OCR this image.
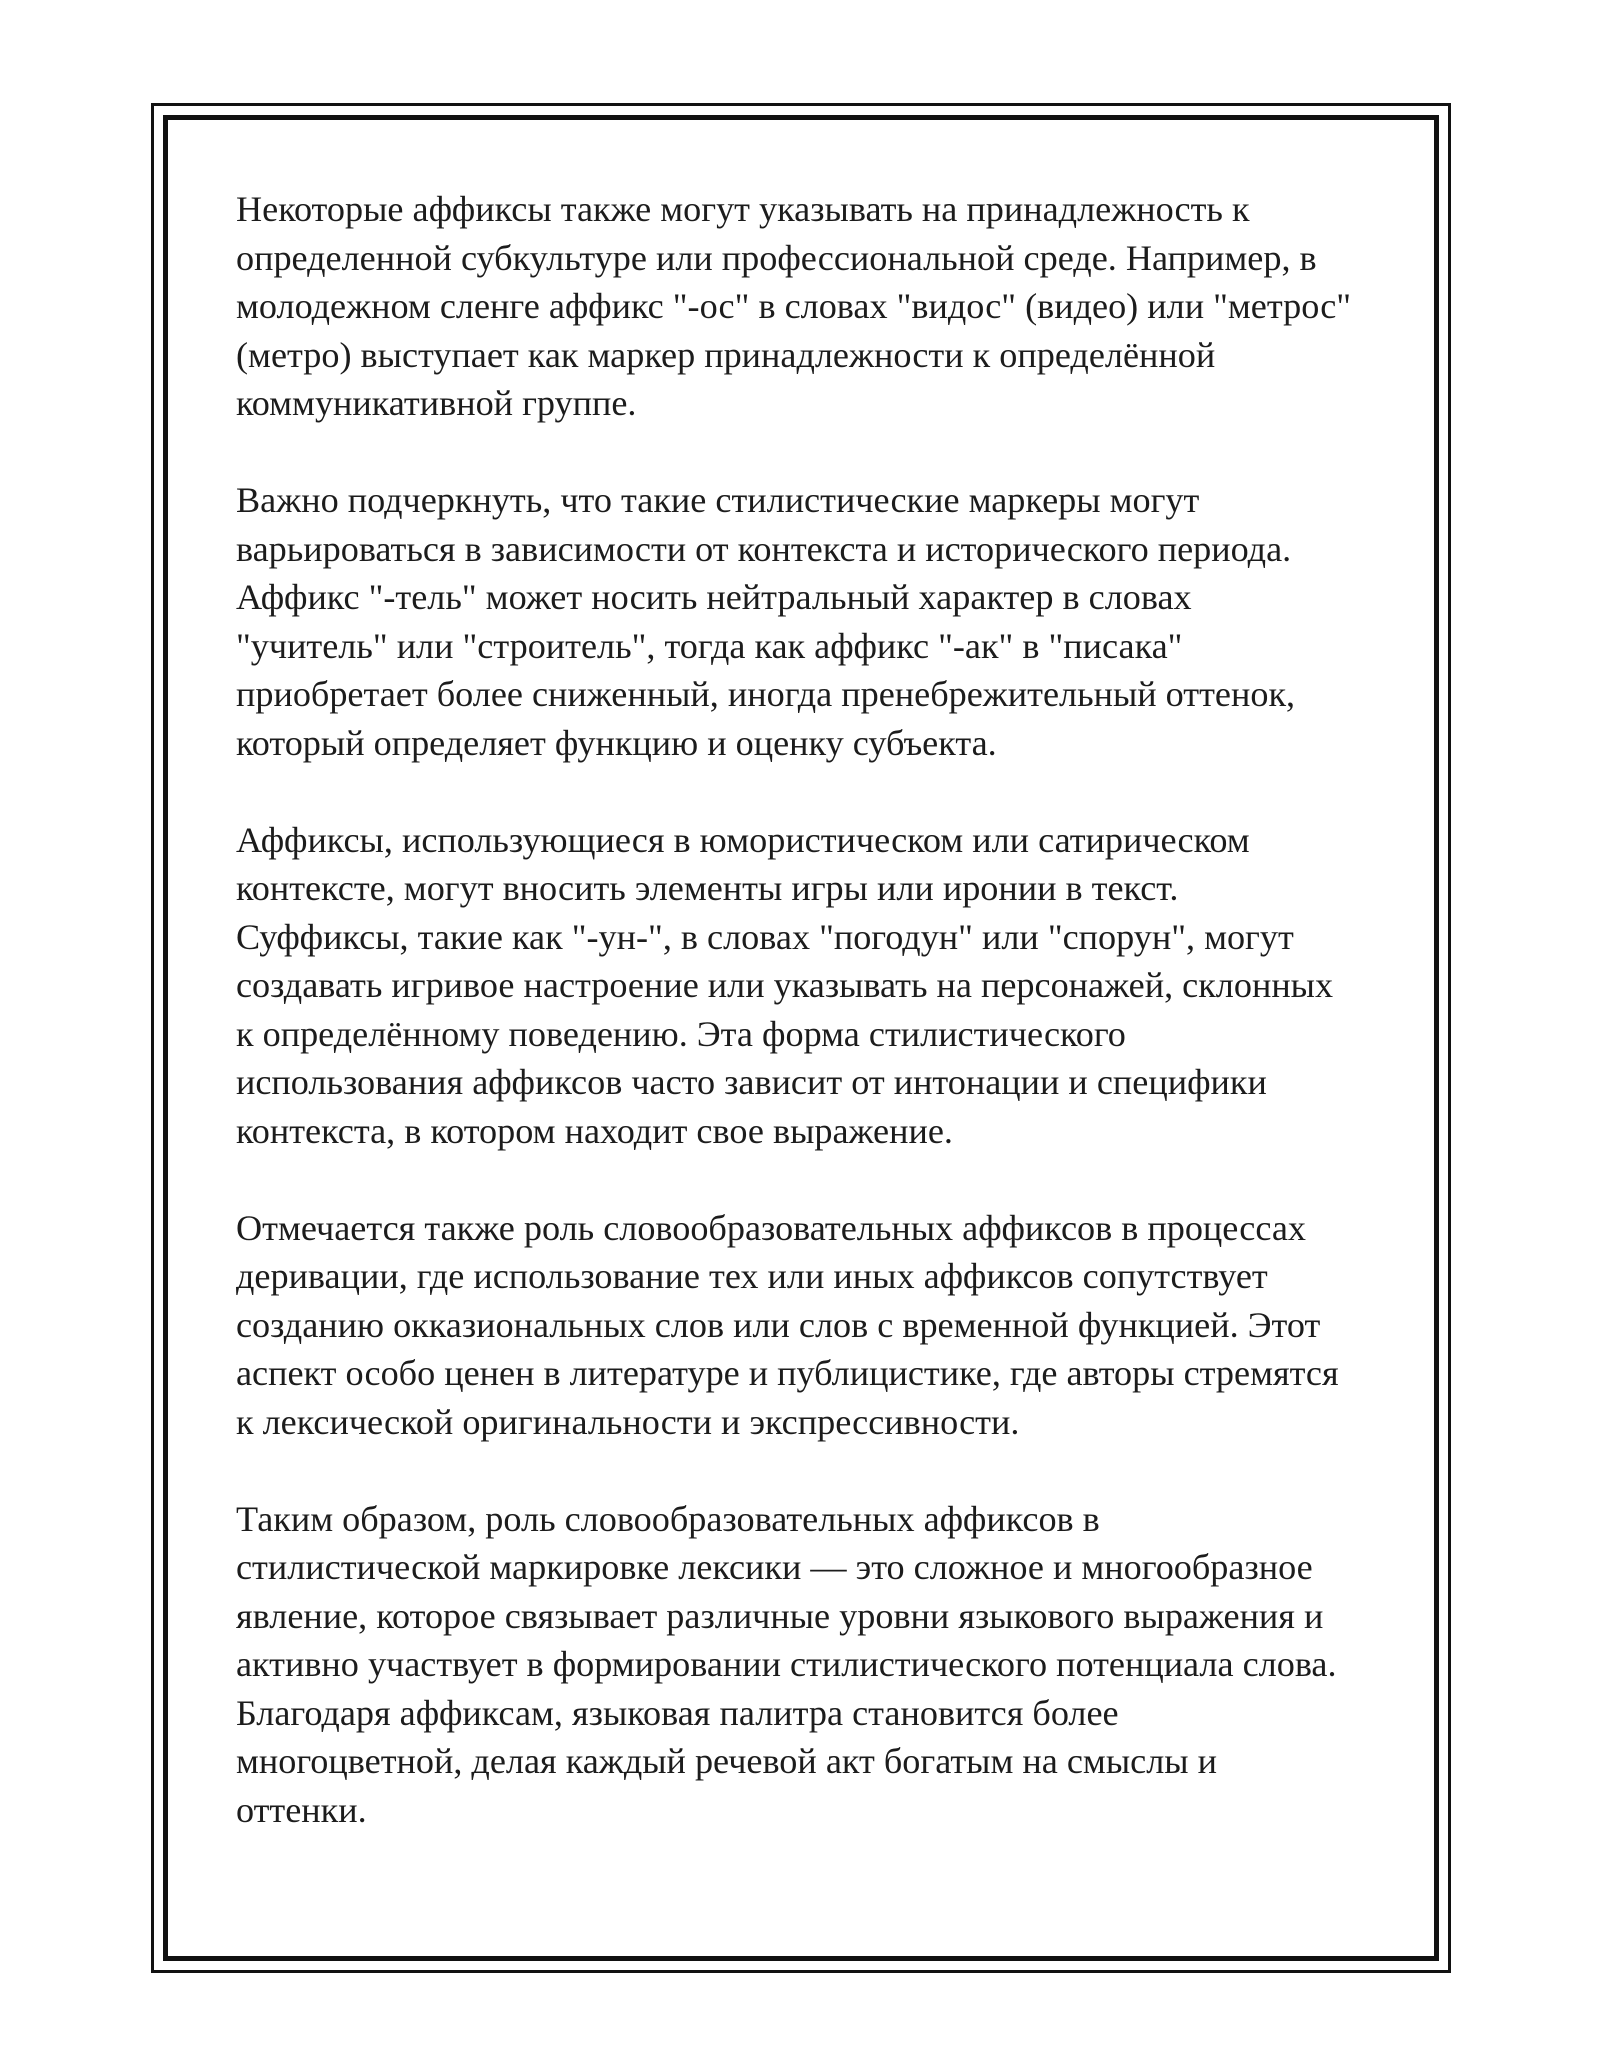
Некоторые аффиксы также могут указывать на принадлежность к
определенной субкультуре или профессиональной среде. Например, в
молодежном сленге аффикс "-ос" в словах "видос" (видео) или "метрос"
(метро) выступает как маркер принадлежности к определённой
коммуникативной группе.
Важно подчеркнуть, что такие стилистические маркеры могут
варьироваться в зависимости от контекста и исторического периода.
Аффикс "-тель" может носить нейтральный характер в словах
"учитель" или "строитель", тогда как аффикс "-ак" в "писака"
приобретает более сниженный, иногда пренебрежительный оттенок,
который определяет функцию и оценку субъекта.
Аффиксы, использующиеся в юмористическом или сатирическом
контексте, могут вносить элементы игры или иронии в текст.
Суффиксы, такие как "-ун-", в словах "погодун" или "спорун", могут
создавать игривое настроение или указывать на персонажей, склонных
к определённому поведению. Эта форма стилистического
использования аффиксов часто зависит от интонации и специфики
контекста, в котором находит свое выражение.
Отмечается также роль словообразовательных аффиксов в процессах
деривации, где использование тех или иных аффиксов сопутствует
созданию окказиональных слов или слов с временной функцией. Этот
аспект особо ценен в литературе и публицистике, где авторы стремятся
к лексической оригинальности и экспрессивности.
Таким образом, роль словообразовательных аффиксов в
стилистической маркировке лексики — это сложное и многообразное
явление, которое связывает различные уровни языкового выражения и
активно участвует в формировании стилистического потенциала слова.
Благодаря аффиксам, языковая палитра становится более
многоцветной, делая каждый речевой акт богатым на смыслы и
оттенки.
